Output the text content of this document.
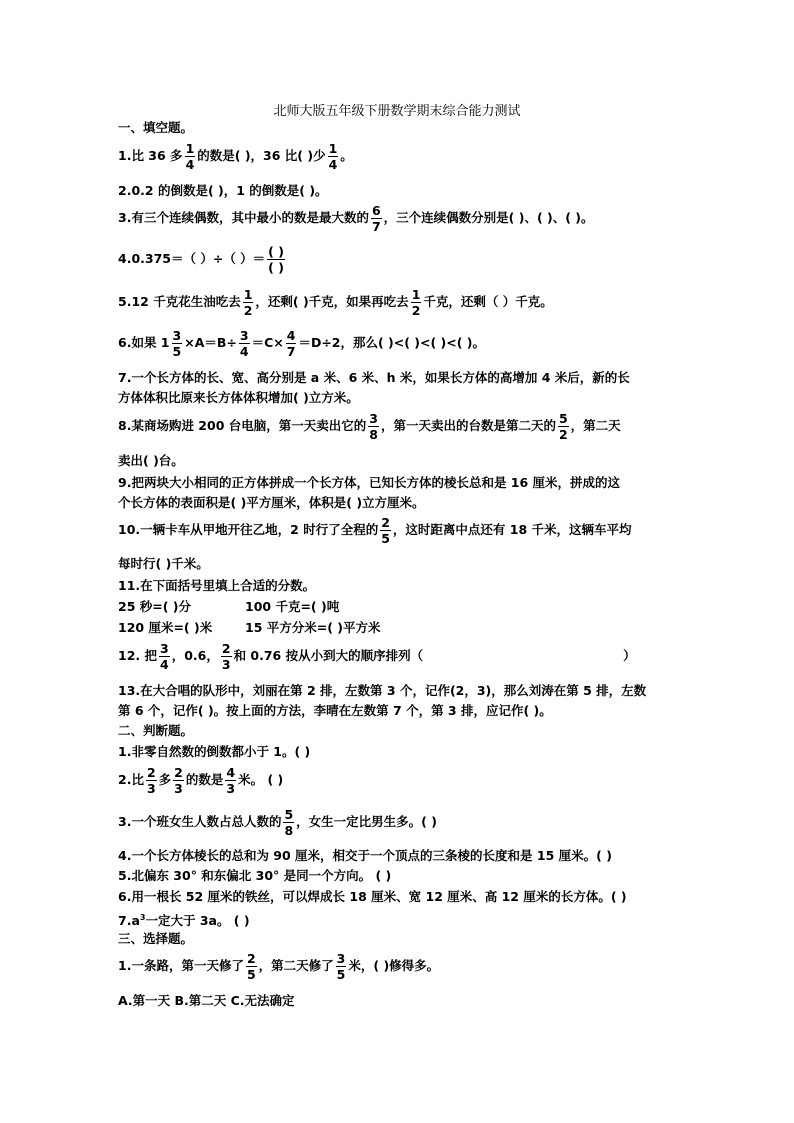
北师大版五年级下册数学期末综合能力测试
一、填空题。
1.比 36 多 $\frac{1}{4}$ 的数是( )，36 比( )少 $\frac{1}{4}$ 。
2.0.2 的倒数是( )，1 的倒数是( )。
3.有三个连续偶数，其中最小的数是最大数的 $\frac{6}{7}$ ，三个连续偶数分别是( )、( )、( )。
4.0.375＝（ ）÷（ ）＝ ( )
( )
5.12 千克花生油吃去 $\frac{1}{2}$ ，还剩( )千克，如果再吃去 $\frac{1}{2}$ 千克，还剩（ ）千克。
6.如果 $1 \frac{3}{5} \times A=B\div \frac{3}{4} =C\times \frac{4}{7} =D\div 2$，那么( )<( )<( )<( )。
7.一个长方体的长、宽、高分别是 a 米、6 米、h 米，如果长方体的高增加 4 米后，新的长
方体体积比原来长方体体积增加( )立方米。
8.某商场购进 200 台电脑，第一天卖出它的 $\frac{3}{8}$ ，第一天卖出的台数是第二天的 $\frac{5}{2}$ ，第二天
卖出( )台。
9.把两块大小相同的正方体拼成一个长方体，已知长方体的棱长总和是 16 厘米，拼成的这
个长方体的表面积是( )平方厘米，体积是( )立方厘米。
10.一辆卡车从甲地开往乙地，2 时行了全程的 $\frac{2}{5}$ ，这时距离中点还有 18 千米，这辆车平均
每时行( )千米。
11.在下面括号里填上合适的分数。
25 秒=( )分	100 千克=( )吨
120 厘米=( )米	15 平方分米=( )平方米
12. 把 $\frac{3}{4}$ ，0.6， $\frac{2}{3}$ 和 0.76 按从小到大的顺序排列（	）
13.在大合唱的队形中，刘丽在第 2 排，左数第 3 个，记作(2，3)，那么刘涛在第 5 排，左数
第 6 个，记作( )。按上面的方法，李晴在左数第 7 个，第 3 排，应记作( )。
二、判断题。
1.非零自然数的倒数都小于 1。( )
2.比 $\frac{2}{3}$ 多 $\frac{2}{3}$ 的数是 $\frac{4}{3}$ 米。 ( )
3.一个班女生人数占总人数的 $\frac{5}{8}$ ，女生一定比男生多。( )
4.一个长方体棱长的总和为 90 厘米，相交于一个顶点的三条棱的长度和是 15 厘米。( )
5.北偏东 30° 和东偏北 30° 是同一个方向。 ( )
6.用一根长 52 厘米的铁丝，可以焊成长 18 厘米、宽 12 厘米、高 12 厘米的长方体。( )
$7.a^3$一定大于 3a。 ( )
三、选择题。
1.一条路，第一天修了 $\frac{2}{5}$ ，第二天修了 $\frac{3}{5}$ 米，( )修得多。
A.第一天 B.第二天 C.无法确定
